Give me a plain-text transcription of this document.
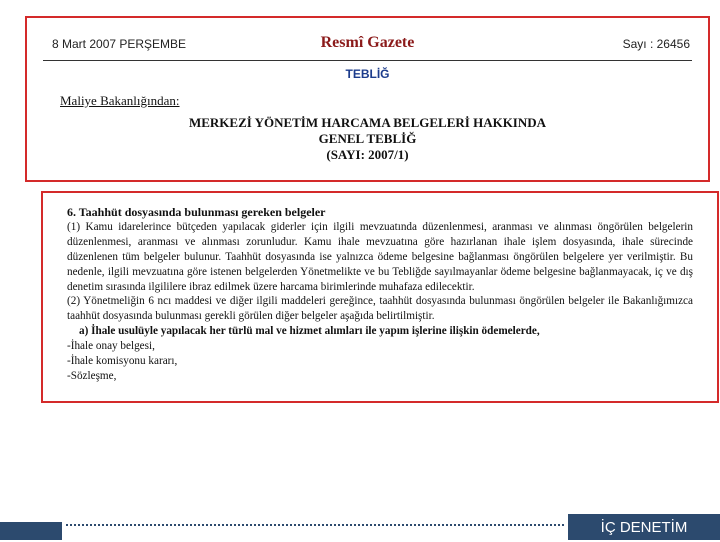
8 Mart 2007 PERŞEMBE	Resmî Gazete	Sayı : 26456
TEBLİĞ
Maliye Bakanlığından:
MERKEZİ YÖNETİM HARCAMA BELGELERİ HAKKINDA
GENEL TEBLİĞ
(SAYI: 2007/1)

6. Taahhüt dosyasında bulunması gereken belgeler

(1) Kamu idarelerince bütçeden yapılacak giderler için ilgili mevzuatında düzenlenmesi, aranması ve alınması öngörülen belgelerin düzenlenmesi, aranması ve alınması zorunludur. Kamu ihale mevzuatına göre hazırlanan ihale işlem dosyasında, ihale sürecinde düzenlenen tüm belgeler bulunur. Taahhüt dosyasında ise yalnızca ödeme belgesine bağlanması öngörülen belgelere yer verilmiştir. Bu nedenle, ilgili mevzuatına göre istenen belgelerden Yönetmelikte ve bu Tebliğde sayılmayanlar ödeme belgesine bağlanmayacak, iç ve dış denetim sırasında ilgililere ibraz edilmek üzere harcama birimlerinde muhafaza edilecektir.

(2) Yönetmeliğin 6 ncı maddesi ve diğer ilgili maddeleri gereğince, taahhüt dosyasında bulunması öngörülen belgeler ile Bakanlığımızca taahhüt dosyasında bulunması gerekli görülen diğer belgeler aşağıda belirtilmiştir.

a) İhale usulüyle yapılacak her türlü mal ve hizmet alımları ile yapım işlerine ilişkin ödemelerde,

-İhale onay belgesi,

-İhale komisyonu kararı,

-Sözleşme,

İÇ DENETİM
